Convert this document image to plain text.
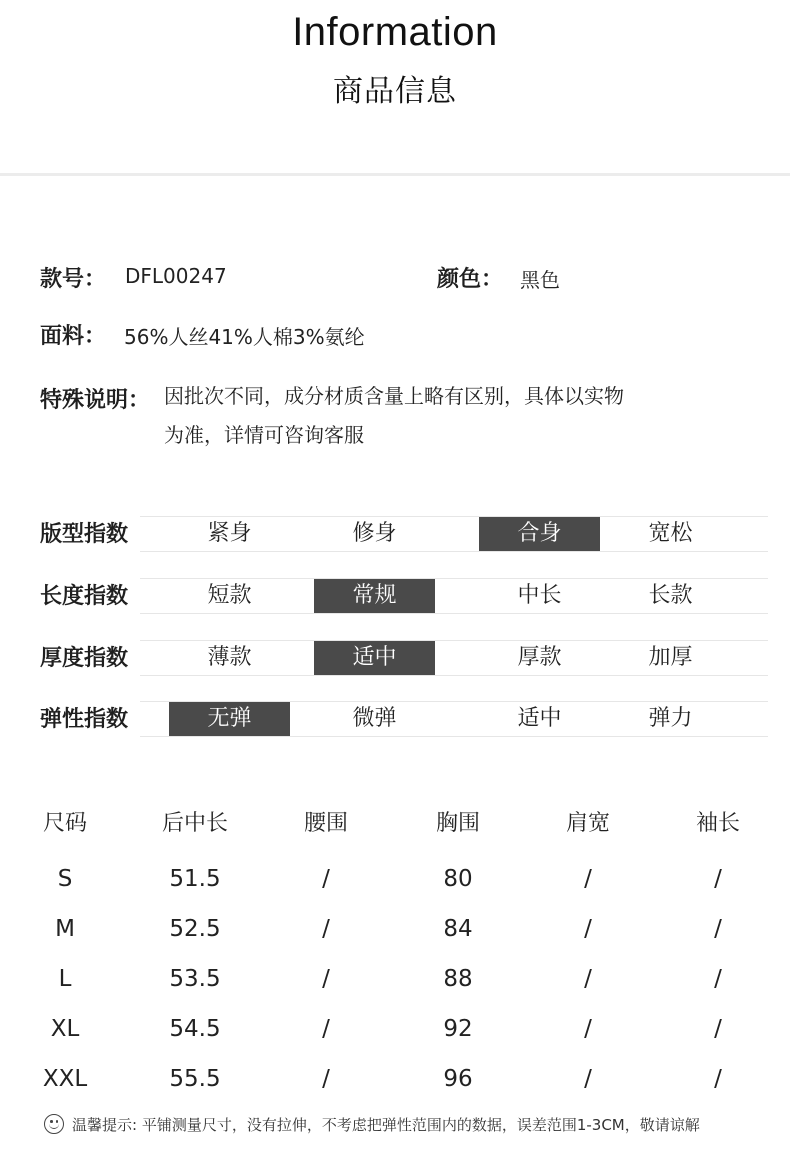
Information
商品信息
款号： DFL00247	颜色： 黑色
面料： 56%人丝41%人棉3%氨纶
特殊说明： 因批次不同，成分材质含量上略有区别，具体以实物
为准，详情可咨询客服
版型指数	紧身	修身	合身	宽松
长度指数	短款	常规	中长	长款
厚度指数	薄款	适中	厚款	加厚
弹性指数	无弹	微弹	适中	弹力
尺码	后中长	腰围	胸围	肩宽	袖长
S	51.5	/	80	/	/
M	52.5	/	84	/	/
L	53.5	/	88	/	/
XL	54.5	/	92	/	/
XXL	55.5	/	96	/	/
温馨提示: 平铺测量尺寸，没有拉伸，不考虑把弹性范围内的数据，误差范围1-3CM，敬请谅解
